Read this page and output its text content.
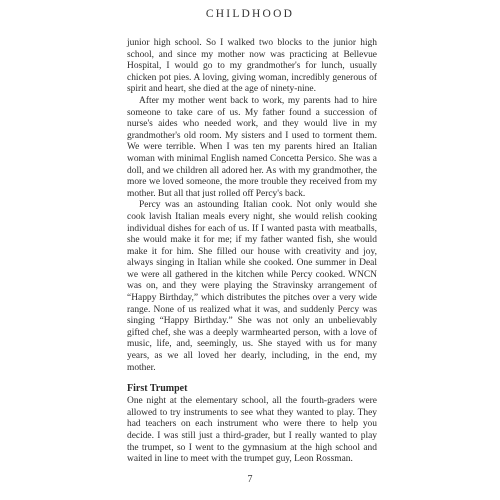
CHILDHOOD

junior high school. So I walked two blocks to the junior high school, and since my mother now was practicing at Bellevue Hospital, I would go to my grandmother's for lunch, usually chicken pot pies. A loving, giving woman, incredibly generous of spirit and heart, she died at the age of ninety-nine.

After my mother went back to work, my parents had to hire someone to take care of us. My father found a succession of nurse's aides who needed work, and they would live in my grandmother's old room. My sisters and I used to torment them. We were terrible. When I was ten my parents hired an Italian woman with minimal English named Concetta Persico. She was a doll, and we children all adored her. As with my grandmother, the more we loved someone, the more trouble they received from my mother. But all that just rolled off Percy's back.

Percy was an astounding Italian cook. Not only would she cook lavish Italian meals every night, she would relish cooking individual dishes for each of us. If I wanted pasta with meatballs, she would make it for me; if my father wanted fish, she would make it for him. She filled our house with creativity and joy, always singing in Italian while she cooked. One summer in Deal we were all gathered in the kitchen while Percy cooked. WNCN was on, and they were playing the Stravinsky arrangement of “Happy Birthday,” which distributes the pitches over a very wide range. None of us realized what it was, and suddenly Percy was singing “Happy Birthday.” She was not only an unbelievably gifted chef, she was a deeply warmhearted person, with a love of music, life, and, seemingly, us. She stayed with us for many years, as we all loved her dearly, including, in the end, my mother.

First Trumpet

One night at the elementary school, all the fourth-graders were allowed to try instruments to see what they wanted to play. They had teachers on each instrument who were there to help you decide. I was still just a third-grader, but I really wanted to play the trumpet, so I went to the gymnasium at the high school and waited in line to meet with the trumpet guy, Leon Rossman.

7
